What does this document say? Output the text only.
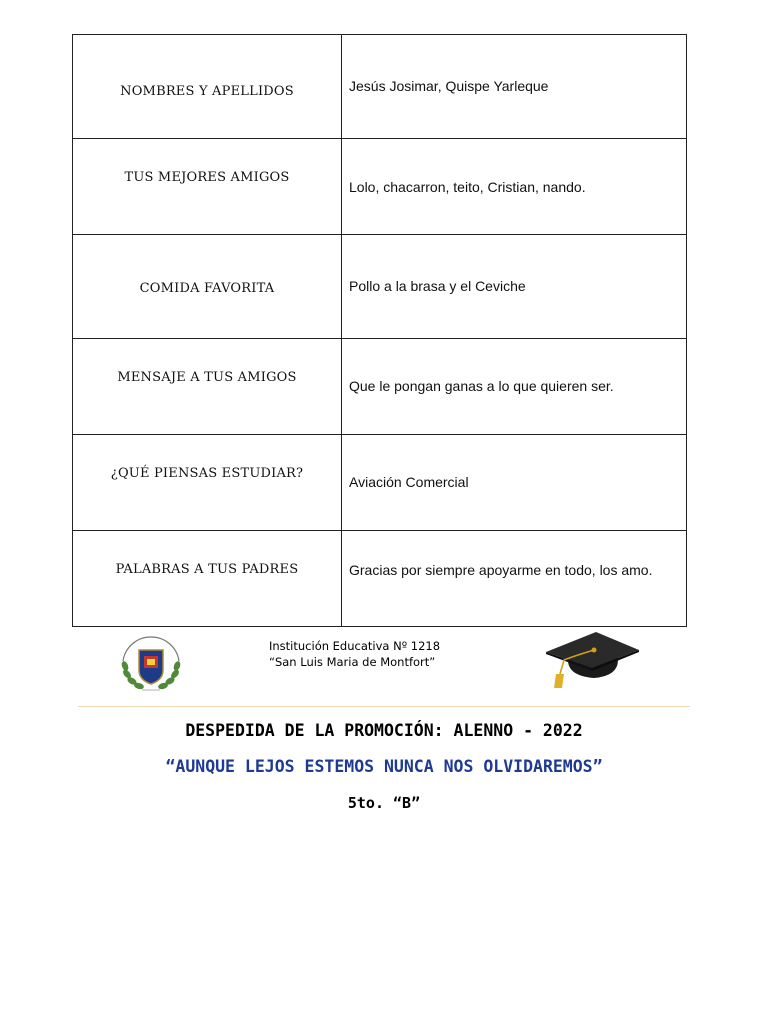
NOMBRES Y APELLIDOS	Jesús Josimar, Quispe Yarleque

TUS MEJORES AMIGOS	Lolo, chacarron, teito, Cristian, nando.

COMIDA FAVORITA	Pollo a la brasa y el Ceviche

MENSAJE A TUS AMIGOS	Que le pongan ganas a lo que quieren ser.

¿QUÉ PIENSAS ESTUDIAR?	Aviación Comercial

PALABRAS A TUS PADRES	Gracias por siempre apoyarme en todo, los amo.
Institución Educativa Nº 1218
“San Luis Maria de Montfort”
DESPEDIDA DE LA PROMOCIÓN: ALENNO - 2022
“AUNQUE LEJOS ESTEMOS NUNCA NOS OLVIDAREMOS”
5to. “B”
